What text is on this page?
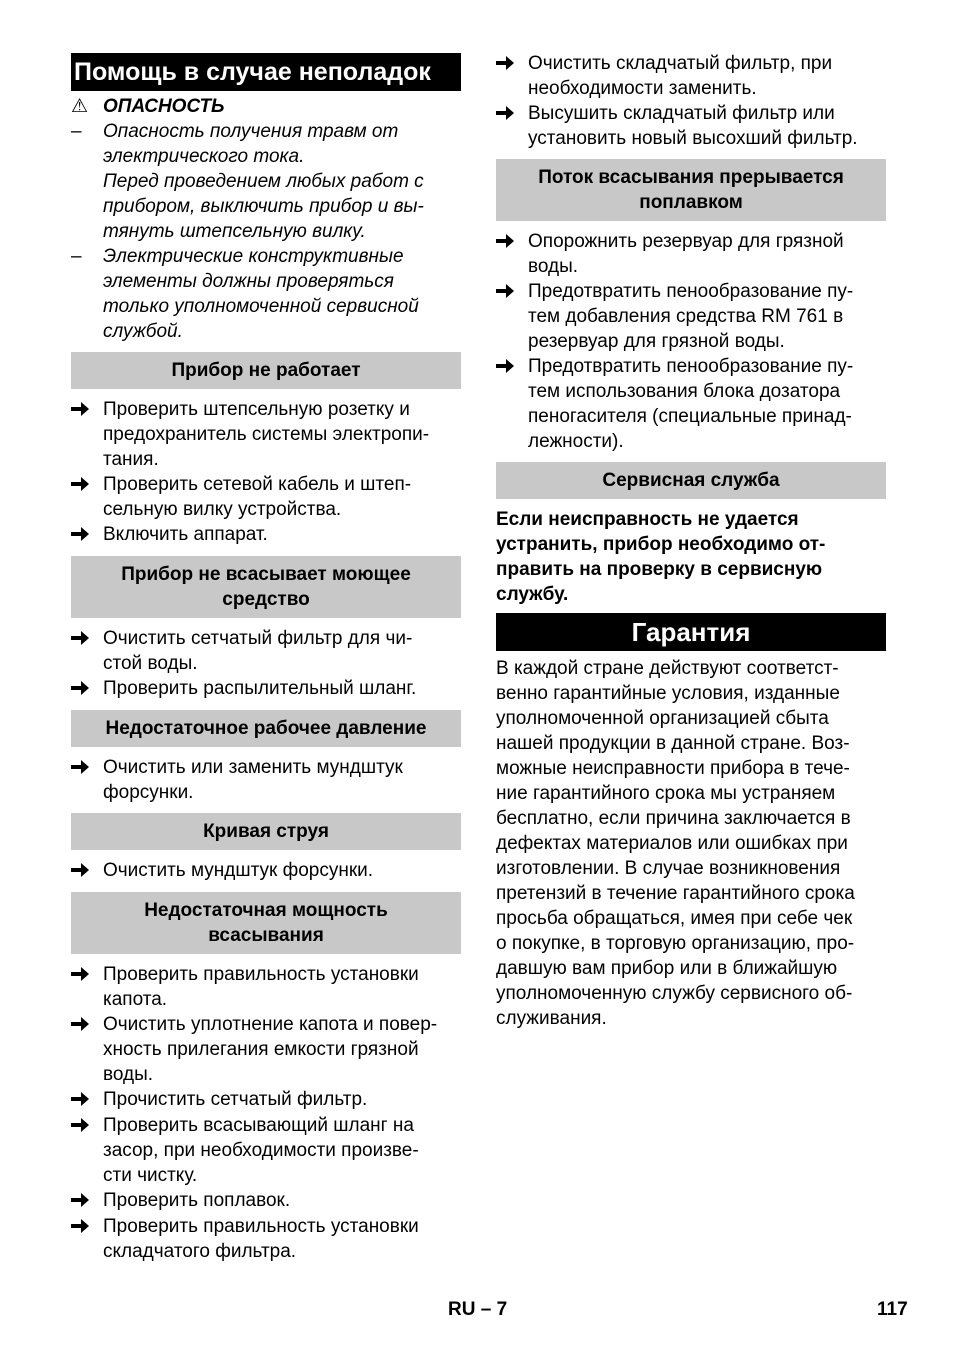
Помощь в случае неполадок
⚠ ОПАСНОСТЬ
–	Опасность получения травм от
электрического тока.
Перед проведением любых работ с
прибором, выключить прибор и вы-
тянуть штепсельную вилку.
–	Электрические конструктивные
элементы должны проверяться
только уполномоченной сервисной
службой.
Прибор не работает
Проверить штепсельную розетку и
предохранитель системы электропи-
тания.
Проверить сетевой кабель и штеп-
сельную вилку устройства.
Включить аппарат.
Прибор не всасывает моющее
средство
Очистить сетчатый фильтр для чи-
стой воды.
Проверить распылительный шланг.
Недостаточное рабочее давление
Очистить или заменить мундштук
форсунки.
Кривая струя
Очистить мундштук форсунки.
Недостаточная мощность
всасывания
Проверить правильность установки
капота.
Очистить уплотнение капота и повер-
хность прилегания емкости грязной
воды.
Прочистить сетчатый фильтр.
Проверить всасывающий шланг на
засор, при необходимости произве-
сти чистку.
Проверить поплавок.
Проверить правильность установки
складчатого фильтра.
Очистить складчатый фильтр, при
необходимости заменить.
Высушить складчатый фильтр или
установить новый высохший фильтр.
Поток всасывания прерывается
поплавком
Опорожнить резервуар для грязной
воды.
Предотвратить пенообразование пу-
тем добавления средства RM 761 в
резервуар для грязной воды.
Предотвратить пенообразование пу-
тем использования блока дозатора
пеногасителя (специальные принад-
лежности).
Сервисная служба
Если неисправность не удается
устранить, прибор необходимо от-
править на проверку в сервисную
службу.
Гарантия
В каждой стране действуют соответст-
венно гарантийные условия, изданные
уполномоченной организацией сбыта
нашей продукции в данной стране. Воз-
можные неисправности прибора в тече-
ние гарантийного срока мы устраняем
бесплатно, если причина заключается в
дефектах материалов или ошибках при
изготовлении. В случае возникновения
претензий в течение гарантийного срока
просьба обращаться, имея при себе чек
о покупке, в торговую организацию, про-
давшую вам прибор или в ближайшую
уполномоченную службу сервисного об-
служивания.
RU – 7	117
